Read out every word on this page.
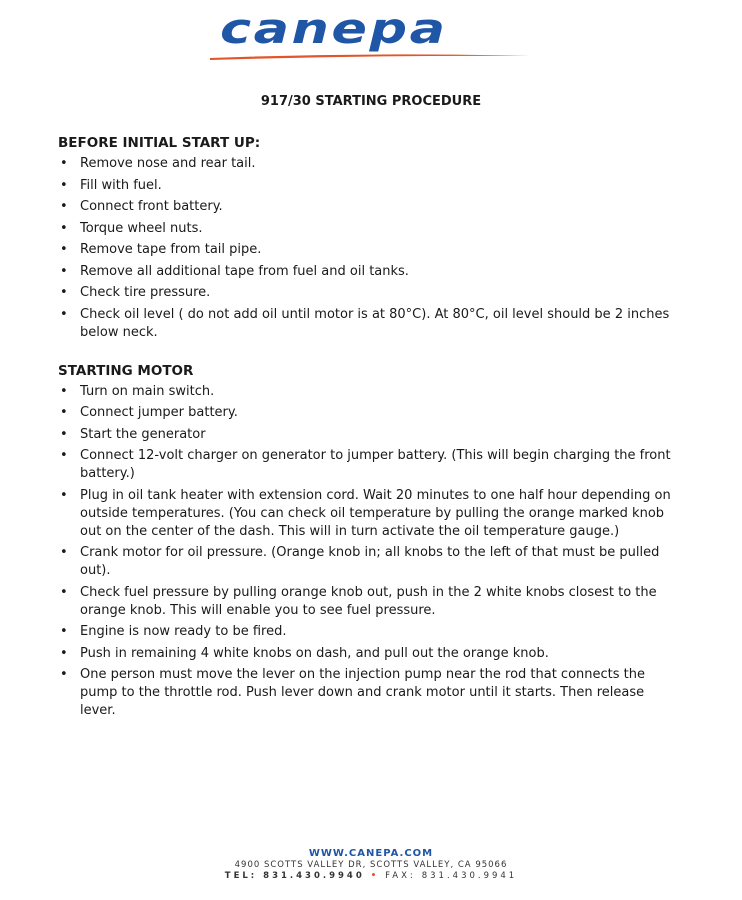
canepa
917/30 STARTING PROCEDURE
BEFORE INITIAL START UP:
• Remove nose and rear tail.
• Fill with fuel.
• Connect front battery.
• Torque wheel nuts.
• Remove tape from tail pipe.
• Remove all additional tape from fuel and oil tanks.
• Check tire pressure.
• Check oil level ( do not add oil until motor is at 80°C). At 80°C, oil level should be 2 inches below neck.
STARTING MOTOR
• Turn on main switch.
• Connect jumper battery.
• Start the generator
• Connect 12-volt charger on generator to jumper battery. (This will begin charging the front battery.)
• Plug in oil tank heater with extension cord. Wait 20 minutes to one half hour depending on outside temperatures. (You can check oil temperature by pulling the orange marked knob out on the center of the dash. This will in turn activate the oil temperature gauge.)
• Crank motor for oil pressure. (Orange knob in; all knobs to the left of that must be pulled out).
• Check fuel pressure by pulling orange knob out, push in the 2 white knobs closest to the orange knob. This will enable you to see fuel pressure.
• Engine is now ready to be fired.
• Push in remaining 4 white knobs on dash, and pull out the orange knob.
• One person must move the lever on the injection pump near the rod that connects the pump to the throttle rod. Push lever down and crank motor until it starts. Then release lever.
WWW.CANEPA.COM
4900 SCOTTS VALLEY DR, SCOTTS VALLEY, CA 95066
TEL: 831.430.9940 • FAX: 831.430.9941
